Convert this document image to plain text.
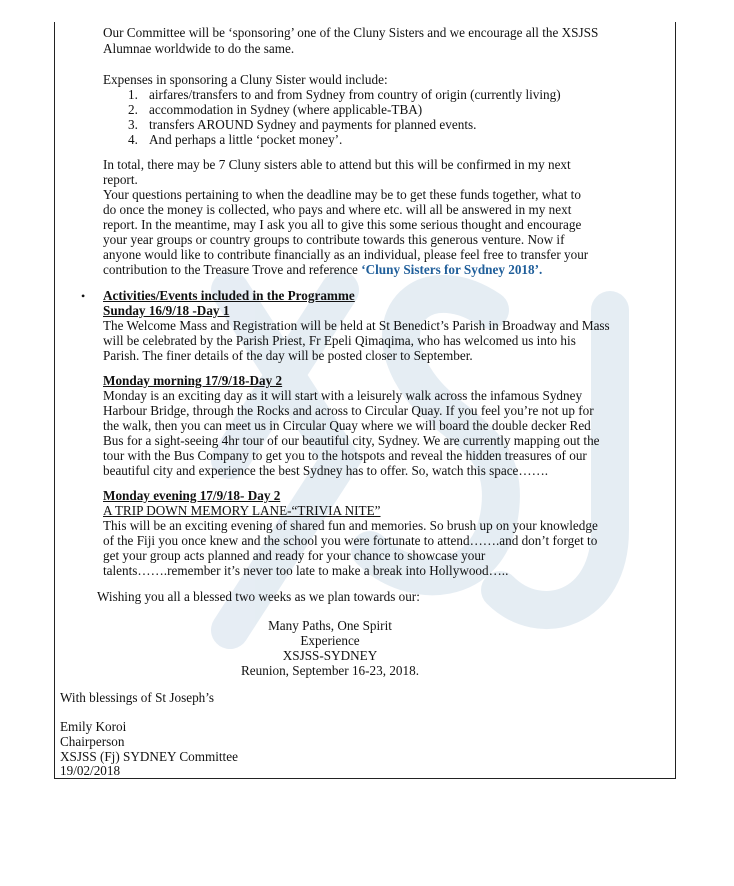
Our Committee will be ‘sponsoring’ one of the Cluny Sisters and we encourage all the XSJSS
Alumnae worldwide to do the same.
Expenses in sponsoring a Cluny Sister would include:
1. airfares/transfers to and from Sydney from country of origin (currently living)
2. accommodation in Sydney (where applicable-TBA)
3. transfers AROUND Sydney and payments for planned events.
4. And perhaps a little ‘pocket money’.
In total, there may be 7 Cluny sisters able to attend but this will be confirmed in my next
report.
Your questions pertaining to when the deadline may be to get these funds together, what to
do once the money is collected, who pays and where etc. will all be answered in my next
report. In the meantime, may I ask you all to give this some serious thought and encourage
your year groups or country groups to contribute towards this generous venture. Now if
anyone would like to contribute financially as an individual, please feel free to transfer your
contribution to the Treasure Trove and reference ‘Cluny Sisters for Sydney 2018’.
• Activities/Events included in the Programme
Sunday 16/9/18 -Day 1
The Welcome Mass and Registration will be held at St Benedict’s Parish in Broadway and Mass
will be celebrated by the Parish Priest, Fr Epeli Qimaqima, who has welcomed us into his
Parish. The finer details of the day will be posted closer to September.
Monday morning 17/9/18-Day 2
Monday is an exciting day as it will start with a leisurely walk across the infamous Sydney
Harbour Bridge, through the Rocks and across to Circular Quay. If you feel you’re not up for
the walk, then you can meet us in Circular Quay where we will board the double decker Red
Bus for a sight-seeing 4hr tour of our beautiful city, Sydney. We are currently mapping out the
tour with the Bus Company to get you to the hotspots and reveal the hidden treasures of our
beautiful city and experience the best Sydney has to offer. So, watch this space…….
Monday evening 17/9/18- Day 2
A TRIP DOWN MEMORY LANE-“TRIVIA NITE”
This will be an exciting evening of shared fun and memories. So brush up on your knowledge
of the Fiji you once knew and the school you were fortunate to attend…….and don’t forget to
get your group acts planned and ready for your chance to showcase your
talents…….remember it’s never too late to make a break into Hollywood…..
Wishing you all a blessed two weeks as we plan towards our:
Many Paths, One Spirit
Experience
XSJSS-SYDNEY
Reunion, September 16-23, 2018.
With blessings of St Joseph’s
Emily Koroi
Chairperson
XSJSS (Fj) SYDNEY Committee
19/02/2018
